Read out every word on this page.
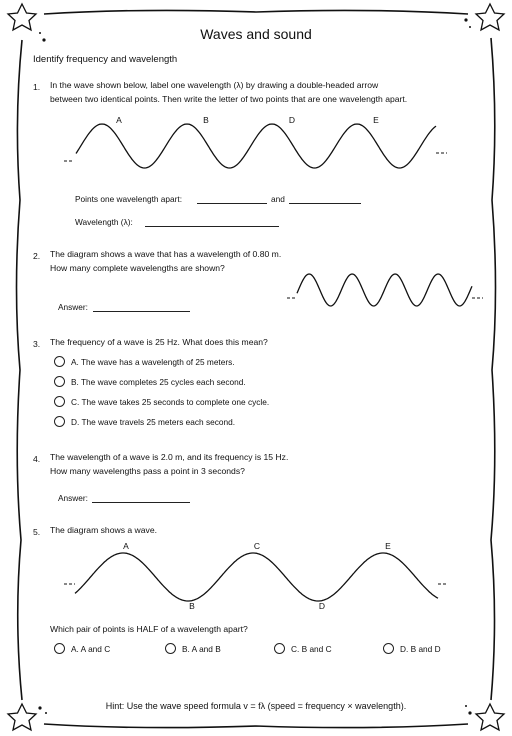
Waves and sound
Identify frequency and wavelength
1. In the wave shown below, label one wavelength (λ) by drawing a double-headed arrow
between two identical points. Then write the letter of two points that are one wavelength apart.
A	B	D	E
Points one wavelength apart:	and
Wavelength (λ):
2. The diagram shows a wave that has a wavelength of 0.80 m.
How many complete wavelengths are shown?
Answer:
3. The frequency of a wave is 25 Hz. What does this mean?
A. The wave has a wavelength of 25 meters.
B. The wave completes 25 cycles each second.
C. The wave takes 25 seconds to complete one cycle.
D. The wave travels 25 meters each second.
4. The wavelength of a wave is 2.0 m, and its frequency is 15 Hz.
How many wavelengths pass a point in 3 seconds?
Answer:
5. The diagram shows a wave.
A	C	E
B	D
Which pair of points is HALF of a wavelength apart?
A. A and C	B. A and B	C. B and C	D. B and D
Hint: Use the wave speed formula v = fλ (speed = frequency × wavelength).
